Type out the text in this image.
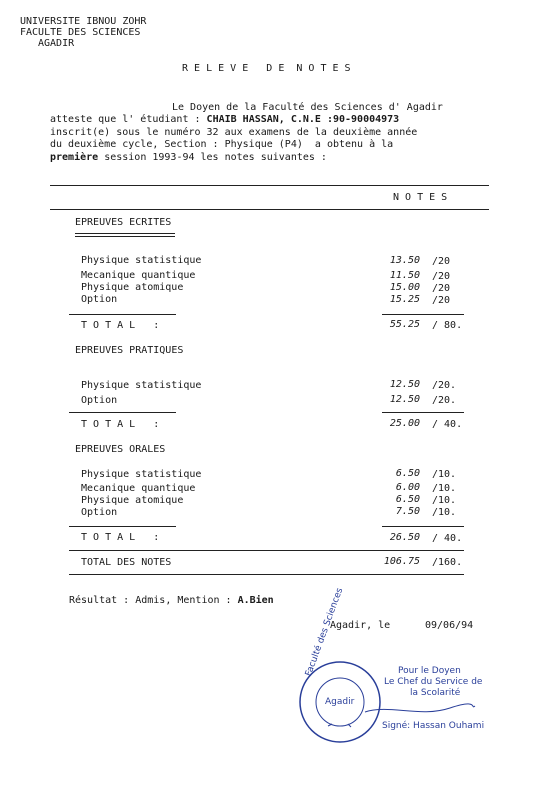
UNIVERSITE IBNOU ZOHR
FACULTE DES SCIENCES
AGADIR
R E L E V E   D E  N O T E S
Le Doyen de la Faculté des Sciences d' Agadir
atteste que l' étudiant : CHAIB HASSAN, C.N.E :90-90004973
inscrit(e) sous le numéro 32 aux examens de la deuxième année
du deuxième cycle, Section : Physique (P4)  a obtenu à la
première session 1993-94 les notes suivantes :
N O T E S
EPREUVES ECRITES
Physique statistique	13.50 /20
Mecanique quantique	11.50 /20
Physique atomique	15.00 /20
Option	15.25 /20
T O T A L   :	55.25 / 80.
EPREUVES PRATIQUES
Physique statistique	12.50 /20.
Option	12.50 /20.
T O T A L   :	25.00 / 40.
EPREUVES ORALES
Physique statistique	6.50 /10.
Mecanique quantique	6.00 /10.
Physique atomique	6.50 /10.
Option	7.50 /10.
T O T A L   :	26.50 / 40.
TOTAL DES NOTES	106.75 /160.
Résultat : Admis, Mention : A.Bien
Agadir, le	09/06/94
Faculté des Sciences
Agadir
Pour le Doyen
Le Chef du Service de
la Scolarité
Signé: Hassan Ouhami
